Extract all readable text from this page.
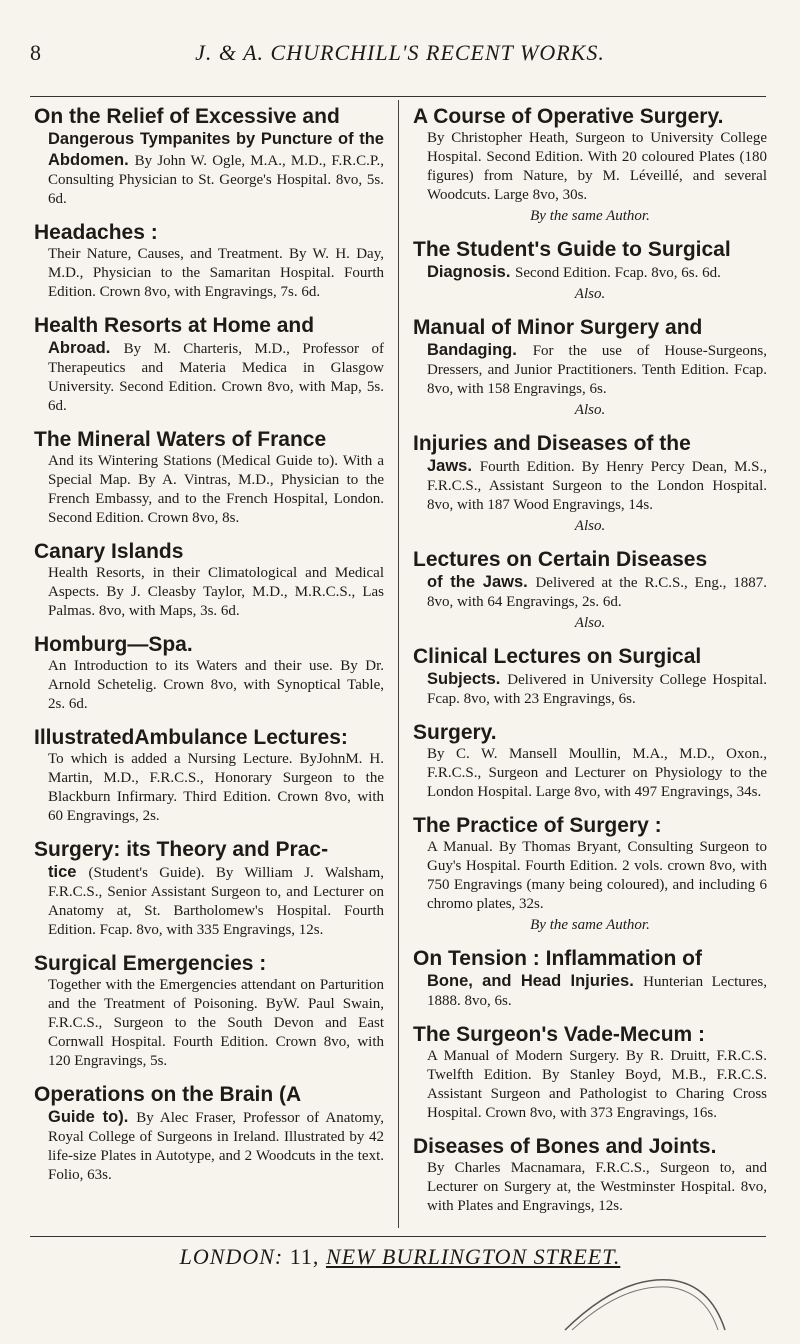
8	J. & A. CHURCHILL'S RECENT WORKS.
On the Relief of Excessive and
Dangerous Tympanites by Puncture of the Abdomen. By John W. Ogle, M.A., M.D., F.R.C.P., Consulting Physician to St. George's Hospital. 8vo, 5s. 6d.
Headaches :
Their Nature, Causes, and Treatment. By W. H. Day, M.D., Physician to the Samaritan Hospital. Fourth Edition. Crown 8vo, with Engravings, 7s. 6d.
Health Resorts at Home and
Abroad. By M. Charteris, M.D., Professor of Therapeutics and Materia Medica in Glasgow University. Second Edition. Crown 8vo, with Map, 5s. 6d.
The Mineral Waters of France
And its Wintering Stations (Medical Guide to). With a Special Map. By A. Vintras, M.D., Physician to the French Embassy, and to the French Hospital, London. Second Edition. Crown 8vo, 8s.
Canary Islands
Health Resorts, in their Climatological and Medical Aspects. By J. Cleasby Taylor, M.D., M.R.C.S., Las Palmas. 8vo, with Maps, 3s. 6d.
Homburg—Spa.
An Introduction to its Waters and their use. By Dr. Arnold Schetelig. Crown 8vo, with Synoptical Table, 2s. 6d.
IllustratedAmbulance Lectures:
To which is added a Nursing Lecture. ByJohnM. H. Martin, M.D., F.R.C.S., Honorary Surgeon to the Blackburn Infirmary. Third Edition. Crown 8vo, with 60 Engravings, 2s.
Surgery: its Theory and Prac-
tice (Student's Guide). By William J. Walsham, F.R.C.S., Senior Assistant Surgeon to, and Lecturer on Anatomy at, St. Bartholomew's Hospital. Fourth Edition. Fcap. 8vo, with 335 Engravings, 12s.
Surgical Emergencies :
Together with the Emergencies attendant on Parturition and the Treatment of Poisoning. ByW. Paul Swain, F.R.C.S., Surgeon to the South Devon and East Cornwall Hospital. Fourth Edition. Crown 8vo, with 120 Engravings, 5s.
Operations on the Brain (A
Guide to). By Alec Fraser, Professor of Anatomy, Royal College of Surgeons in Ireland. Illustrated by 42 life-size Plates in Autotype, and 2 Woodcuts in the text. Folio, 63s.
A Course of Operative Surgery.
By Christopher Heath, Surgeon to University College Hospital. Second Edition. With 20 coloured Plates (180 figures) from Nature, by M. Léveillé, and several Woodcuts. Large 8vo, 30s.
By the same Author.
The Student's Guide to Surgical
Diagnosis. Second Edition. Fcap. 8vo, 6s. 6d.
Also.
Manual of Minor Surgery and
Bandaging. For the use of House-Surgeons, Dressers, and Junior Practitioners. Tenth Edition. Fcap. 8vo, with 158 Engravings, 6s.
Also.
Injuries and Diseases of the
Jaws. Fourth Edition. By Henry Percy Dean, M.S., F.R.C.S., Assistant Surgeon to the London Hospital. 8vo, with 187 Wood Engravings, 14s.
Also.
Lectures on Certain Diseases
of the Jaws. Delivered at the R.C.S., Eng., 1887. 8vo, with 64 Engravings, 2s. 6d.
Also.
Clinical Lectures on Surgical
Subjects. Delivered in University College Hospital. Fcap. 8vo, with 23 Engravings, 6s.
Surgery.
By C. W. Mansell Moullin, M.A., M.D., Oxon., F.R.C.S., Surgeon and Lecturer on Physiology to the London Hospital. Large 8vo, with 497 Engravings, 34s.
The Practice of Surgery :
A Manual. By Thomas Bryant, Consulting Surgeon to Guy's Hospital. Fourth Edition. 2 vols. crown 8vo, with 750 Engravings (many being coloured), and including 6 chromo plates, 32s.
By the same Author.
On Tension : Inflammation of
Bone, and Head Injuries. Hunterian Lectures, 1888. 8vo, 6s.
The Surgeon's Vade-Mecum :
A Manual of Modern Surgery. By R. Druitt, F.R.C.S. Twelfth Edition. By Stanley Boyd, M.B., F.R.C.S. Assistant Surgeon and Pathologist to Charing Cross Hospital. Crown 8vo, with 373 Engravings, 16s.
Diseases of Bones and Joints.
By Charles Macnamara, F.R.C.S., Surgeon to, and Lecturer on Surgery at, the Westminster Hospital. 8vo, with Plates and Engravings, 12s.
LONDON: 11, NEW BURLINGTON STREET.
